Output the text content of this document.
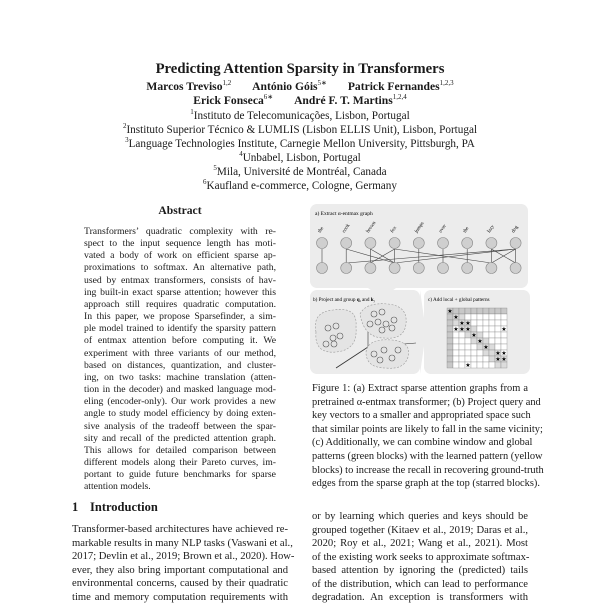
Predicting Attention Sparsity in Transformers
Marcos Treviso$^{1,2}$ António Góis$^{5∗}$ Patrick Fernandes$^{1,2,3}$
Erick Fonseca$^{6∗}$ André F. T. Martins$^{1,2,4}$
$^1$Instituto de Telecomunicações, Lisbon, Portugal
$^2$Instituto Superior Técnico & LUMLIS (Lisbon ELLIS Unit), Lisbon, Portugal
$^3$Language Technologies Institute, Carnegie Mellon University, Pittsburgh, PA
$^4$Unbabel, Lisbon, Portugal
$^5$Mila, Université de Montréal, Canada
$^6$Kaufland e-commerce, Cologne, Germany
Abstract
Transformers’ quadratic complexity with re-
spect to the input sequence length has moti-
vated a body of work on efficient sparse ap-
proximations to softmax. An alternative path,
used by entmax transformers, consists of hav-
ing built-in exact sparse attention; however this
approach still requires quadratic computation.
In this paper, we propose Sparsefinder, a sim-
ple model trained to identify the sparsity pattern
of entmax attention before computing it. We
experiment with three variants of our method,
based on distances, quantization, and cluster-
ing, on two tasks: machine translation (atten-
tion in the decoder) and masked language mod-
eling (encoder-only). Our work provides a new
angle to study model efficiency by doing exten-
sive analysis of the tradeoff between the spar-
sity and recall of the predicted attention graph.
This allows for detailed comparison between
different models along their Pareto curves, im-
portant to guide future benchmarks for sparse
attention models.
a) Extract α-entmax graph
the	cook	brown	fox	jumps	over	the	lazy	dog
b) Project and group qi and kj	c) Add local + global patterns
★
★
★ ★
★ ★ ★	★
★
★
★
★ ★
★ ★
★
Figure 1: (a) Extract sparse attention graphs from a
pretrained α-entmax transformer; (b) Project query and
key vectors to a smaller and appropriated space such
that similar points are likely to fall in the same vicinity;
(c) Additionally, we can combine window and global
patterns (green blocks) with the learned pattern (yellow
blocks) to increase the recall in recovering ground-truth
edges from the sparse graph at the top (starred blocks).
1 Introduction
Transformer-based architectures have achieved re-
markable results in many NLP tasks (Vaswani et al.,
2017; Devlin et al., 2019; Brown et al., 2020). How-
ever, they also bring important computational and
environmental concerns, caused by their quadratic
time and memory computation requirements with
or by learning which queries and keys should be
grouped together (Kitaev et al., 2019; Daras et al.,
2020; Roy et al., 2021; Wang et al., 2021). Most
of the existing work seeks to approximate softmax-
based attention by ignoring the (predicted) tails
of the distribution, which can lead to performance
degradation. An exception is transformers with
